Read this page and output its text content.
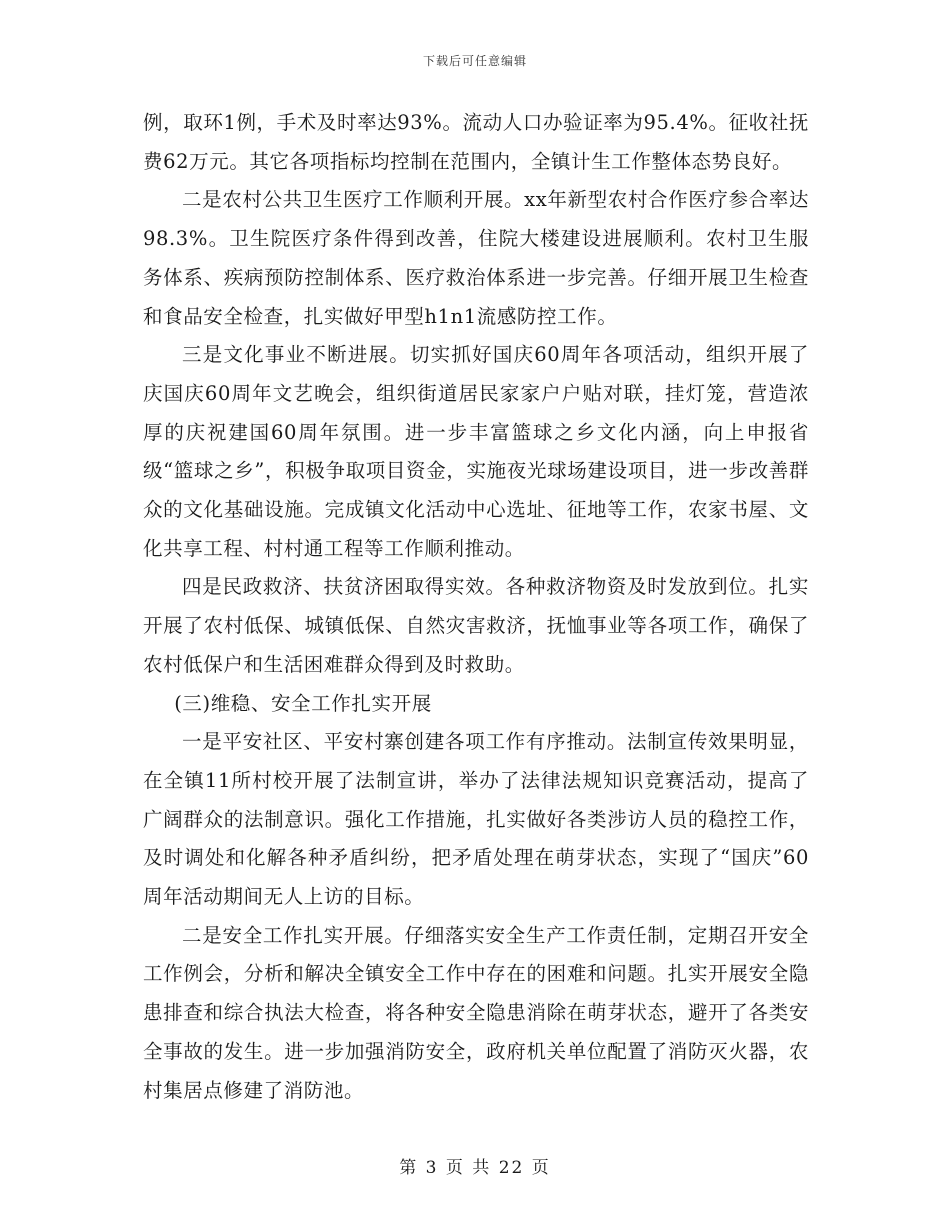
下载后可任意编辑

例，取环1例，手术及时率达93%。流动人口办验证率为95.4%。征收社抚费62万元。其它各项指标均控制在范围内，全镇计生工作整体态势良好。

二是农村公共卫生医疗工作顺利开展。xx年新型农村合作医疗参合率达98.3%。卫生院医疗条件得到改善，住院大楼建设进展顺利。农村卫生服务体系、疾病预防控制体系、医疗救治体系进一步完善。仔细开展卫生检查和食品安全检查，扎实做好甲型h1n1流感防控工作。

三是文化事业不断进展。切实抓好国庆60周年各项活动，组织开展了庆国庆60周年文艺晚会，组织街道居民家家户户贴对联，挂灯笼，营造浓厚的庆祝建国60周年氛围。进一步丰富篮球之乡文化内涵，向上申报省级“篮球之乡”，积极争取项目资金，实施夜光球场建设项目，进一步改善群众的文化基础设施。完成镇文化活动中心选址、征地等工作，农家书屋、文化共享工程、村村通工程等工作顺利推动。

四是民政救济、扶贫济困取得实效。各种救济物资及时发放到位。扎实开展了农村低保、城镇低保、自然灾害救济，抚恤事业等各项工作，确保了农村低保户和生活困难群众得到及时救助。

(三)维稳、安全工作扎实开展

一是平安社区、平安村寨创建各项工作有序推动。法制宣传效果明显，在全镇11所村校开展了法制宣讲，举办了法律法规知识竞赛活动，提高了广阔群众的法制意识。强化工作措施，扎实做好各类涉访人员的稳控工作，及时调处和化解各种矛盾纠纷，把矛盾处理在萌芽状态，实现了“国庆”60周年活动期间无人上访的目标。

二是安全工作扎实开展。仔细落实安全生产工作责任制，定期召开安全工作例会，分析和解决全镇安全工作中存在的困难和问题。扎实开展安全隐患排查和综合执法大检查，将各种安全隐患消除在萌芽状态，避开了各类安全事故的发生。进一步加强消防安全，政府机关单位配置了消防灭火器，农村集居点修建了消防池。

第 3 页 共 22 页
